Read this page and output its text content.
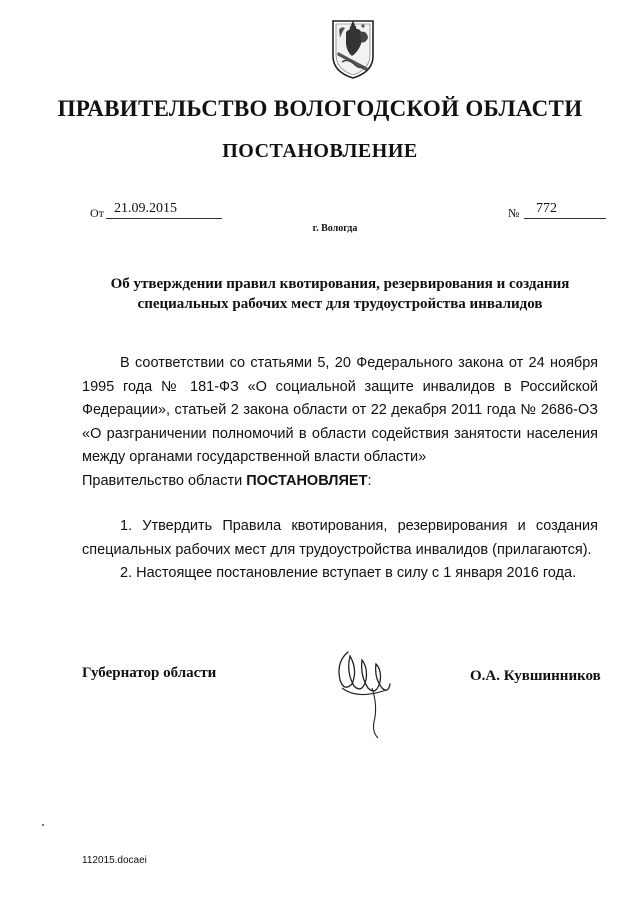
ПРАВИТЕЛЬСТВО ВОЛОГОДСКОЙ ОБЛАСТИ
ПОСТАНОВЛЕНИЕ
От 21.09.2015	№	772
г. Вологда
Об утверждении правил квотирования, резервирования и создания
специальных рабочих мест для трудоустройства инвалидов

В соответствии со статьями 5, 20 Федерального закона от 24 ноября 1995 года № 181-ФЗ «О социальной защите инвалидов в Российской Федерации», статьей 2 закона области от 22 декабря 2011 года № 2686-ОЗ «О разграничении полномочий в области содействия занятости населения между органами государственной власти области»

Правительство области ПОСТАНОВЛЯЕТ:

1. Утвердить Правила квотирования, резервирования и создания специальных рабочих мест для трудоустройства инвалидов (прилагаются).

2. Настоящее постановление вступает в силу с 1 января 2016 года.

Губернатор области	О.А. Кувшинников
112015.docaei
